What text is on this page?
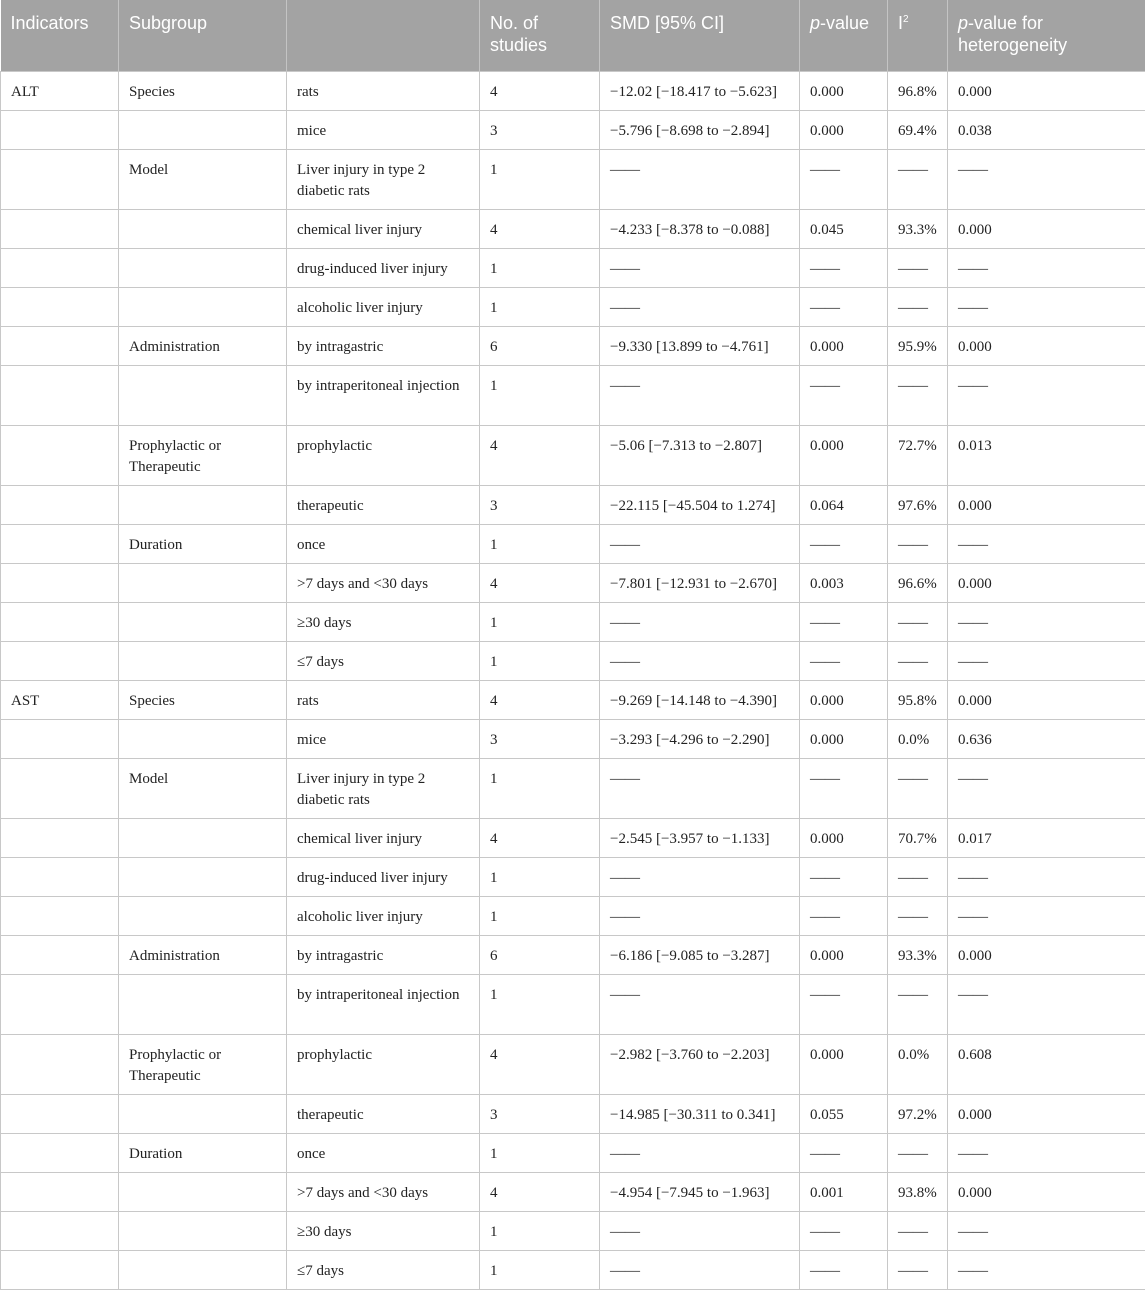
Indicators	Subgroup		No. of studies	SMD [95% CI]	p-value	$I^2$	p-value for heterogeneity
ALT	Species	rats	4	−12.02 [−18.417 to −5.623]	0.000	96.8%	0.000
		mice	3	−5.796 [−8.698 to −2.894]	0.000	69.4%	0.038
	Model	Liver injury in type 2 diabetic rats	1	——	——	——	——
		chemical liver injury	4	−4.233 [−8.378 to −0.088]	0.045	93.3%	0.000
		drug-induced liver injury	1	——	——	——	——
		alcoholic liver injury	1	——	——	——	——
	Administration	by intragastric	6	−9.330 [13.899 to −4.761]	0.000	95.9%	0.000
		by intraperitoneal injection	1	——	——	——	——
	Prophylactic or Therapeutic	prophylactic	4	−5.06 [−7.313 to −2.807]	0.000	72.7%	0.013
		therapeutic	3	−22.115 [−45.504 to 1.274]	0.064	97.6%	0.000
	Duration	once	1	——	——	——	——
		>7 days and <30 days	4	−7.801 [−12.931 to −2.670]	0.003	96.6%	0.000
		≥30 days	1	——	——	——	——
		≤7 days	1	——	——	——	——
AST	Species	rats	4	−9.269 [−14.148 to −4.390]	0.000	95.8%	0.000
		mice	3	−3.293 [−4.296 to −2.290]	0.000	0.0%	0.636
	Model	Liver injury in type 2 diabetic rats	1	——	——	——	——
		chemical liver injury	4	−2.545 [−3.957 to −1.133]	0.000	70.7%	0.017
		drug-induced liver injury	1	——	——	——	——
		alcoholic liver injury	1	——	——	——	——
	Administration	by intragastric	6	−6.186 [−9.085 to −3.287]	0.000	93.3%	0.000
		by intraperitoneal injection	1	——	——	——	——
	Prophylactic or Therapeutic	prophylactic	4	−2.982 [−3.760 to −2.203]	0.000	0.0%	0.608
		therapeutic	3	−14.985 [−30.311 to 0.341]	0.055	97.2%	0.000
	Duration	once	1	——	——	——	——
		>7 days and <30 days	4	−4.954 [−7.945 to −1.963]	0.001	93.8%	0.000
		≥30 days	1	——	——	——	——
		≤7 days	1	——	——	——	——
